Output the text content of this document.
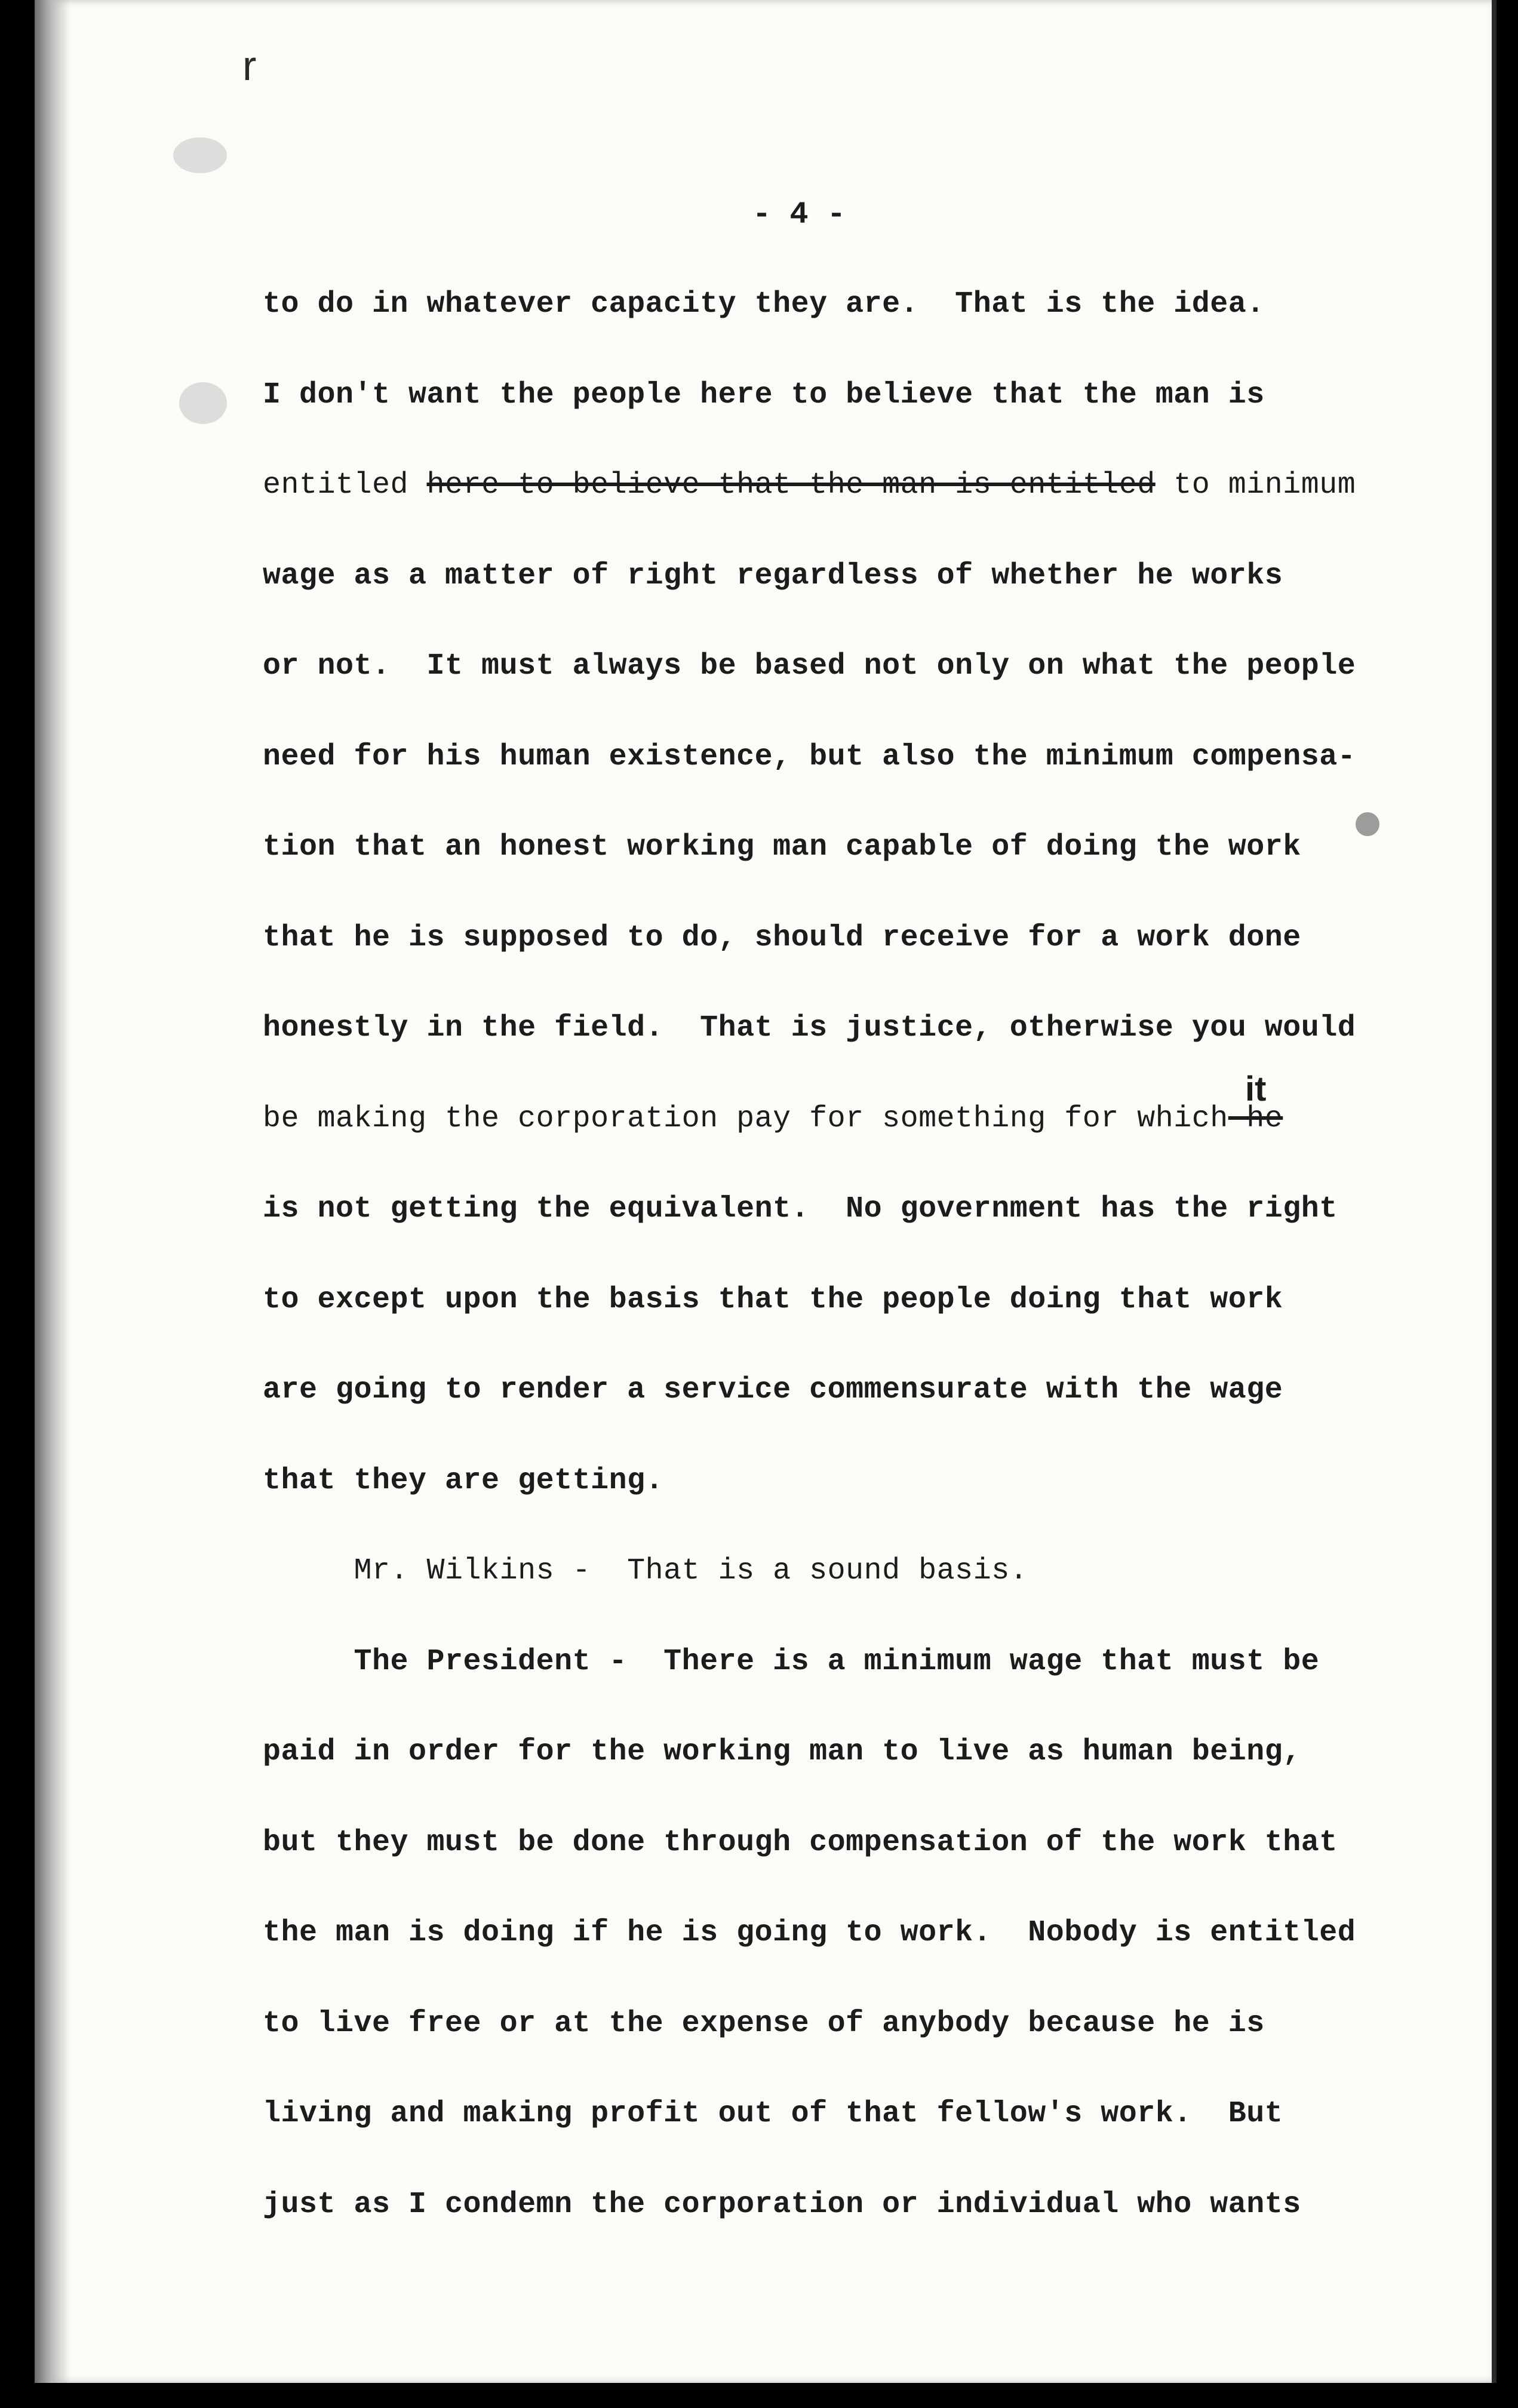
r
- 4 -
to do in whatever capacity they are.  That is the idea.
I don't want the people here to believe that the man is
entitled here to believe that the man is entitled to minimum
wage as a matter of right regardless of whether he works
or not.  It must always be based not only on what the people
need for his human existence, but also the minimum compensa-
tion that an honest working man capable of doing the work
that he is supposed to do, should receive for a work done
honestly in the field.  That is justice, otherwise you would
be making the corporation pay for something for which he
is not getting the equivalent.  No government has the right
to except upon the basis that the people doing that work
are going to render a service commensurate with the wage
that they are getting.
Mr. Wilkins -  That is a sound basis.
The President -  There is a minimum wage that must be
paid in order for the working man to live as human being,
but they must be done through compensation of the work that
the man is doing if he is going to work.  Nobody is entitled
to live free or at the expense of anybody because he is
living and making profit out of that fellow's work.  But
just as I condemn the corporation or individual who wants
it
